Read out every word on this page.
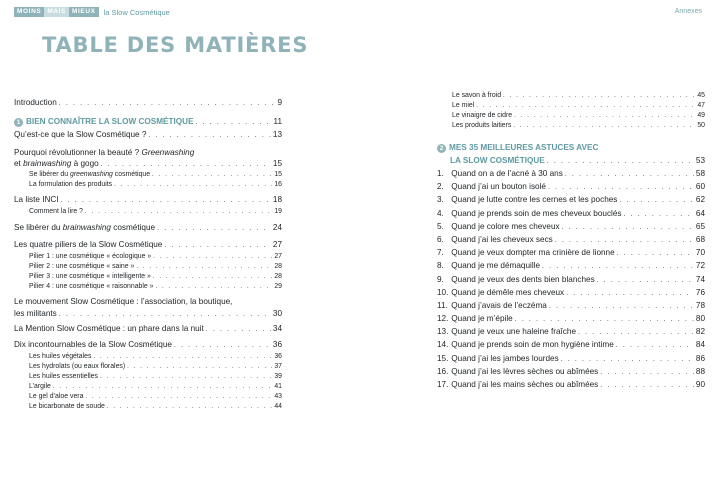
MOINS MAIS MIEUX	la Slow Cosmétique	Annexes
TABLE DES MATIÈRES
Introduction . . .	9
1 BIEN CONNAÎTRE LA SLOW COSMÉTIQUE . . .	11
Qu’est-ce que la Slow Cosmétique ? . . .	13
Pourquoi révolutionner la beauté ? Greenwashing
et brainwashing à gogo . . .	15
Se libérer du greenwashing cosmétique . . .	15
La formulation des produits . . .	16
La liste INCI . . .	18
Comment la lire ? . . .	19
Se libérer du brainwashing cosmétique . . .	24
Les quatre piliers de la Slow Cosmétique . . .	27
Pilier 1 : une cosmétique « écologique » . . .	27
Pilier 2 : une cosmétique « saine » . . .	28
Pilier 3 : une cosmétique « intelligente » . . .	28
Pilier 4 : une cosmétique « raisonnable » . . .	29
Le mouvement Slow Cosmétique : l’association, la boutique,
les militants . . .	30
La Mention Slow Cosmétique : un phare dans la nuit . . .	34
Dix incontournables de la Slow Cosmétique . . .	36
Les huiles végétales . . .	36
Les hydrolats (ou eaux florales) . . .	37
Les huiles essentielles . . .	39
L’argile . . .	41
Le gel d’aloe vera . . .	43
Le bicarbonate de soude . . .	44
Le savon à froid . . .	45
Le miel . . .	47
Le vinaigre de cidre . . .	49
Les produits laitiers . . .	50
2 MES 35 MEILLEURES ASTUCES AVEC
LA SLOW COSMÉTIQUE . . .	53
1. Quand on a de l’acné à 30 ans . . .	58
2. Quand j’ai un bouton isolé . . .	60
3. Quand je lutte contre les cernes et les poches . . .	62
4. Quand je prends soin de mes cheveux bouclés . . .	64
5. Quand je colore mes cheveux . . .	65
6. Quand j’ai les cheveux secs . . .	68
7. Quand je veux dompter ma crinière de lionne . . .	70
8. Quand je me démaquille . . .	72
9. Quand je veux des dents bien blanches . . .	74
10. Quand je démêle mes cheveux . . .	76
11. Quand j’avais de l’eczéma . . .	78
12. Quand je m’épile . . .	80
13. Quand je veux une haleine fraîche . . .	82
14. Quand je prends soin de mon hygiène intime . . .	84
15. Quand j’ai les jambes lourdes . . .	86
16. Quand j’ai les lèvres sèches ou abîmées . . .	88
17. Quand j’ai les mains sèches ou abîmées . . .	90
